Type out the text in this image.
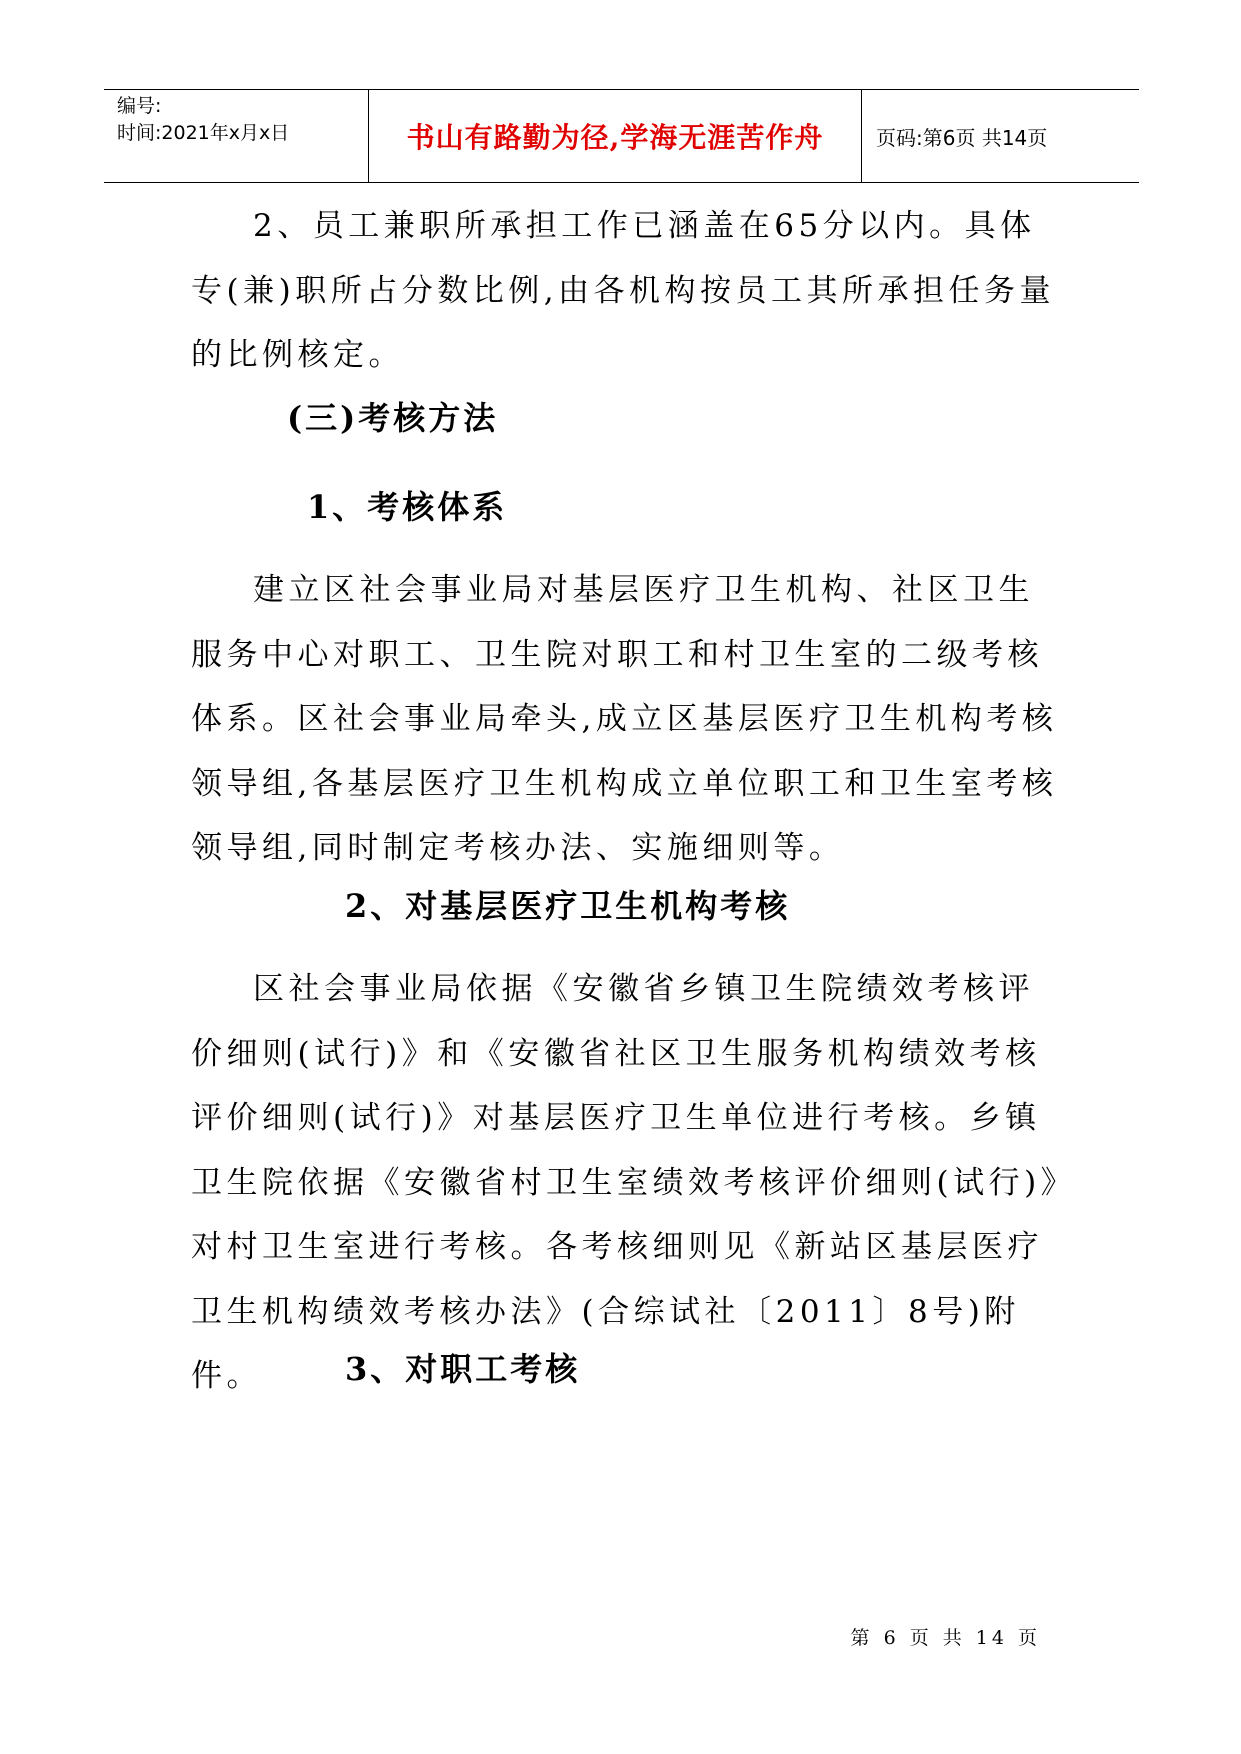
编号:
时间:2021年x月x日	书山有路勤为径,学海无涯苦作舟	页码:第6页 共14页

2、员工兼职所承担工作已涵盖在65分以内。具体专(兼)职所占分数比例,由各机构按员工其所承担任务量的比例核定。

(三)考核方法
1、考核体系

建立区社会事业局对基层医疗卫生机构、社区卫生服务中心对职工、卫生院对职工和村卫生室的二级考核体系。区社会事业局牵头,成立区基层医疗卫生机构考核领导组,各基层医疗卫生机构成立单位职工和卫生室考核领导组,同时制定考核办法、实施细则等。

2、对基层医疗卫生机构考核

区社会事业局依据《安徽省乡镇卫生院绩效考核评价细则(试行)》和《安徽省社区卫生服务机构绩效考核评价细则(试行)》对基层医疗卫生单位进行考核。乡镇卫生院依据《安徽省村卫生室绩效考核评价细则(试行)》对村卫生室进行考核。各考核细则见《新站区基层医疗卫生机构绩效考核办法》(合综试社〔2011〕8号)附件。	3、对职工考核
第 6 页 共 14 页
